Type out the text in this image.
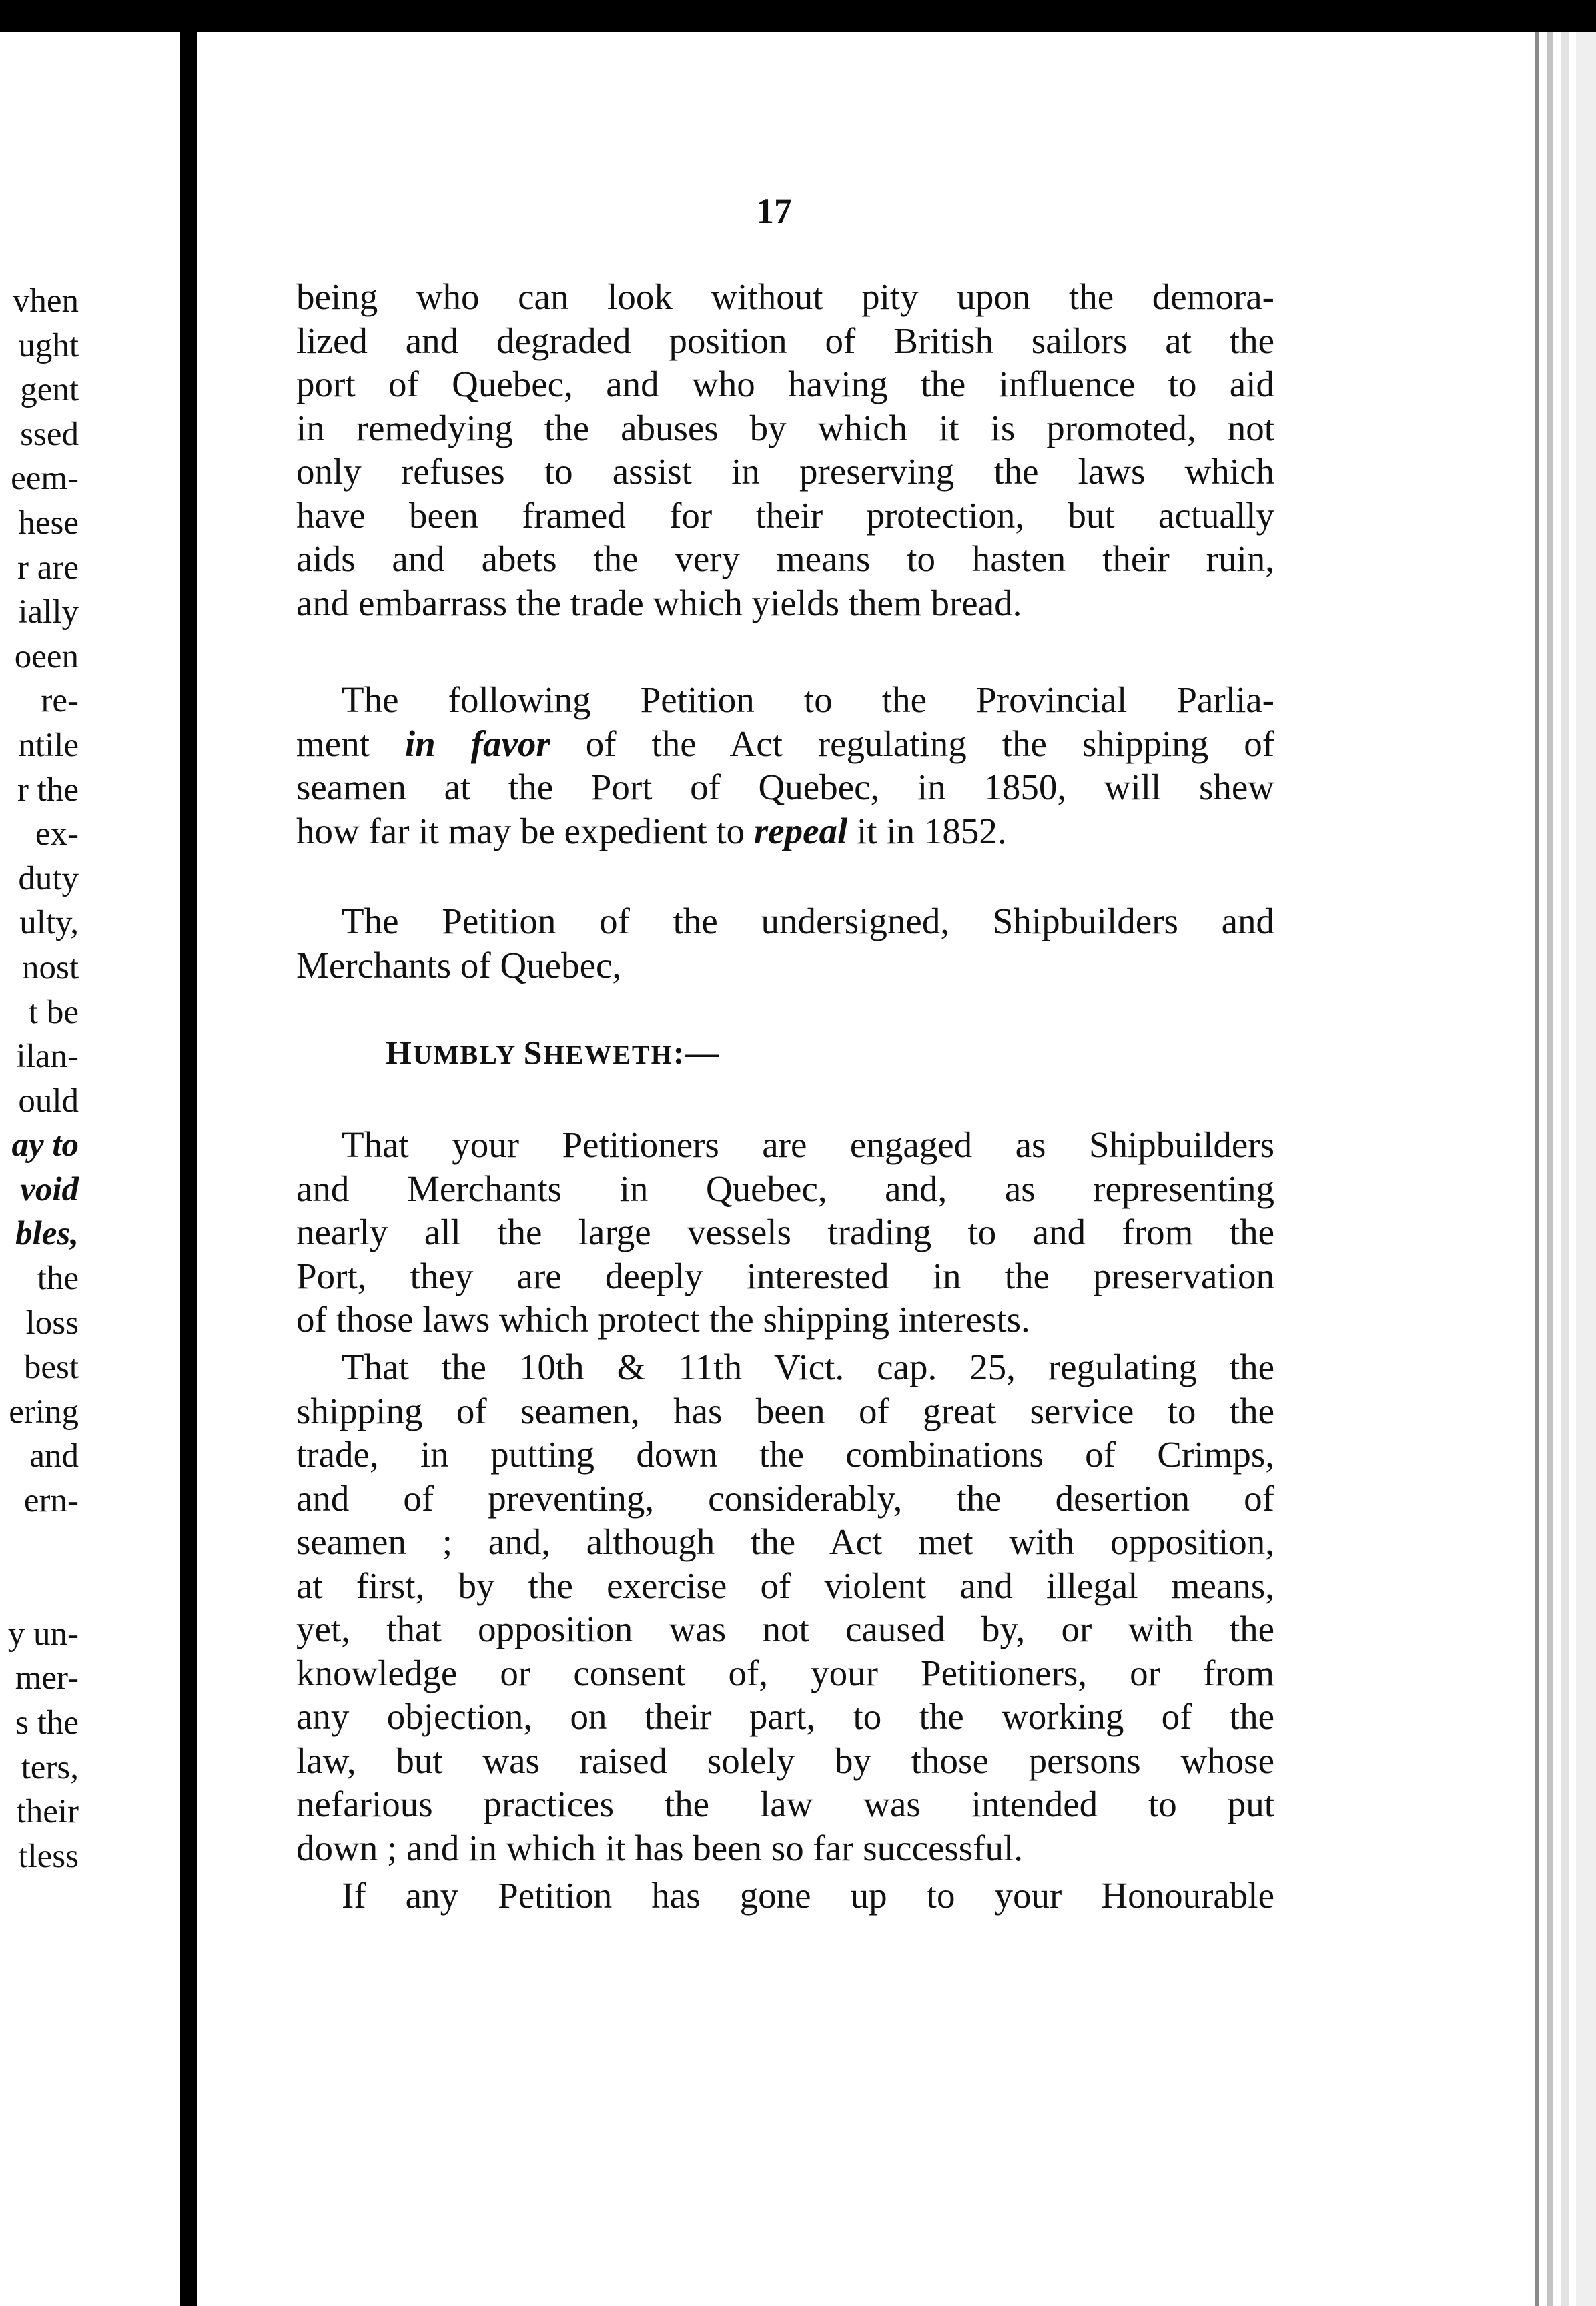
vhen
ught
gent
ssed
eem-
hese
r are
ially
oeen
re-
ntile
r the
ex-
duty
ulty,
nost
t be
ilan-
ould
ay to
void
bles,
the
loss
best
ering
and
ern-
y un-
mer-
s the
ters,
their
tless
17
being who can look without pity upon the demora-
lized and degraded position of British sailors at the
port of Quebec, and who having the influence to aid
in remedying the abuses by which it is promoted, not
only refuses to assist in preserving the laws which
have been framed for their protection, but actually
aids and abets the very means to hasten their ruin,
and embarrass the trade which yields them bread.
The following Petition to the Provincial Parlia-
ment in favor of the Act regulating the shipping of
seamen at the Port of Quebec, in 1850, will shew
how far it may be expedient to repeal it in 1852.
The Petition of the undersigned, Shipbuilders and
Merchants of Quebec,
HUMBLY SHEWETH:—
That your Petitioners are engaged as Shipbuilders
and Merchants in Quebec, and, as representing
nearly all the large vessels trading to and from the
Port, they are deeply interested in the preservation
of those laws which protect the shipping interests.
That the 10th & 11th Vict. cap. 25, regulating the
shipping of seamen, has been of great service to the
trade, in putting down the combinations of Crimps,
and of preventing, considerably, the desertion of
seamen ; and, although the Act met with opposition,
at first, by the exercise of violent and illegal means,
yet, that opposition was not caused by, or with the
knowledge or consent of, your Petitioners, or from
any objection, on their part, to the working of the
law, but was raised solely by those persons whose
nefarious practices the law was intended to put
down ; and in which it has been so far successful.
If any Petition has gone up to your Honourable
